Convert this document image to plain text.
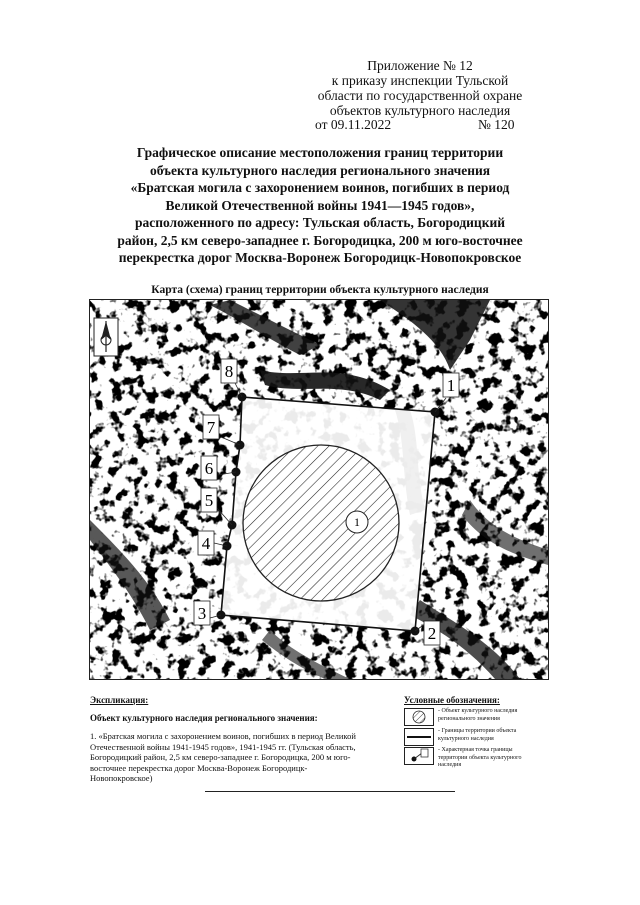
Приложение № 12
к приказу инспекции Тульской
области по государственной охране
объектов культурного наследия
от 09.11.2022	№ 120
Графическое описание местоположения границ территории
объекта культурного наследия регионального значения
«Братская могила с захоронением воинов, погибших в период
Великой Отечественной войны 1941—1945 годов»,
расположенного по адресу: Тульская область, Богородицкий
район, 2,5 км северо-западнее г. Богородицка, 200 м юго-восточнее
перекрестка дорог Москва-Воронеж Богородицк-Новопокровское
Карта (схема) границ территории объекта культурного наследия
1
1
2
3
4
5
6
7
8
Экспликация:
Объект культурного наследия регионального значения:
1. «Братская могила с захоронением воинов, погибших в период Великой
Отечественной войны 1941-1945 годов», 1941-1945 гг. (Тульская область,
Богородицкий район, 2,5 км северо-западнее г. Богородицка, 200 м юго-
восточнее перекрестка дорог Москва-Воронеж Богородицк-
Новопокровское)
Условные обозначения:
- Объект культурного наследия регионального значения
- Границы территории объекта культурного наследия
- Характерная точка границы территории объекта культурного наследия
